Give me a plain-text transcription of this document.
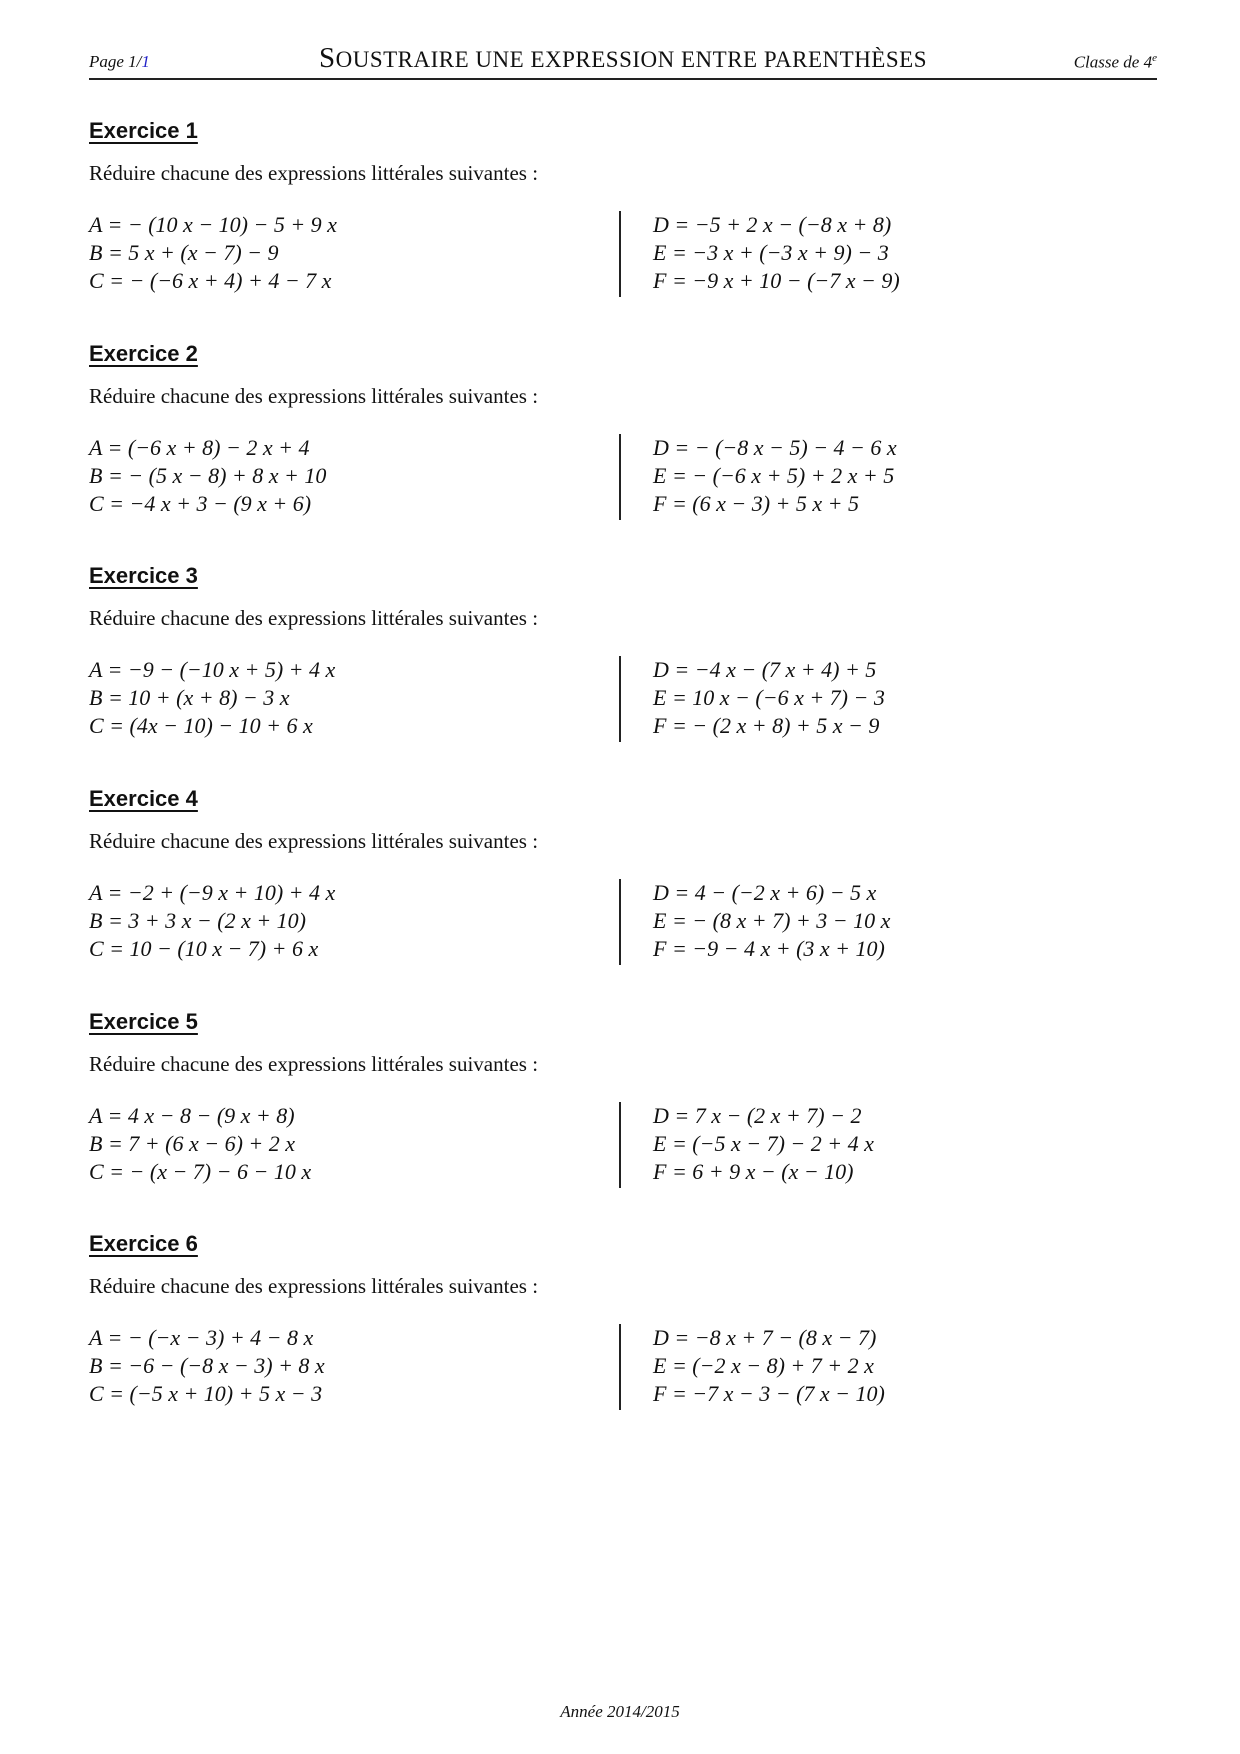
Page 1/1	SOUSTRAIRE UNE EXPRESSION ENTRE PARENTHÈSES	Classe de 4e
Exercice 1
Réduire chacune des expressions littérales suivantes :
A = − (10 x − 10) − 5 + 9 x
B = 5 x + (x − 7) − 9
C = − (−6 x + 4) + 4 − 7 x
D = −5 + 2 x − (−8 x + 8)
E = −3 x + (−3 x + 9) − 3
F = −9 x + 10 − (−7 x − 9)
Exercice 2
Réduire chacune des expressions littérales suivantes :
A = (−6 x + 8) − 2 x + 4
B = − (5 x − 8) + 8 x + 10
C = −4 x + 3 − (9 x + 6)
D = − (−8 x − 5) − 4 − 6 x
E = − (−6 x + 5) + 2 x + 5
F = (6 x − 3) + 5 x + 5
Exercice 3
Réduire chacune des expressions littérales suivantes :
A = −9 − (−10 x + 5) + 4 x
B = 10 + (x + 8) − 3 x
C = (4x − 10) − 10 + 6 x
D = −4 x − (7 x + 4) + 5
E = 10 x − (−6 x + 7) − 3
F = − (2 x + 8) + 5 x − 9
Exercice 4
Réduire chacune des expressions littérales suivantes :
A = −2 + (−9 x + 10) + 4 x
B = 3 + 3 x − (2 x + 10)
C = 10 − (10 x − 7) + 6 x
D = 4 − (−2 x + 6) − 5 x
E = − (8 x + 7) + 3 − 10 x
F = −9 − 4 x + (3 x + 10)
Exercice 5
Réduire chacune des expressions littérales suivantes :
A = 4 x − 8 − (9 x + 8)
B = 7 + (6 x − 6) + 2 x
C = − (x − 7) − 6 − 10 x
D = 7 x − (2 x + 7) − 2
E = (−5 x − 7) − 2 + 4 x
F = 6 + 9 x − (x − 10)
Exercice 6
Réduire chacune des expressions littérales suivantes :
A = − (−x − 3) + 4 − 8 x
B = −6 − (−8 x − 3) + 8 x
C = (−5 x + 10) + 5 x − 3
D = −8 x + 7 − (8 x − 7)
E = (−2 x − 8) + 7 + 2 x
F = −7 x − 3 − (7 x − 10)
Année 2014/2015
